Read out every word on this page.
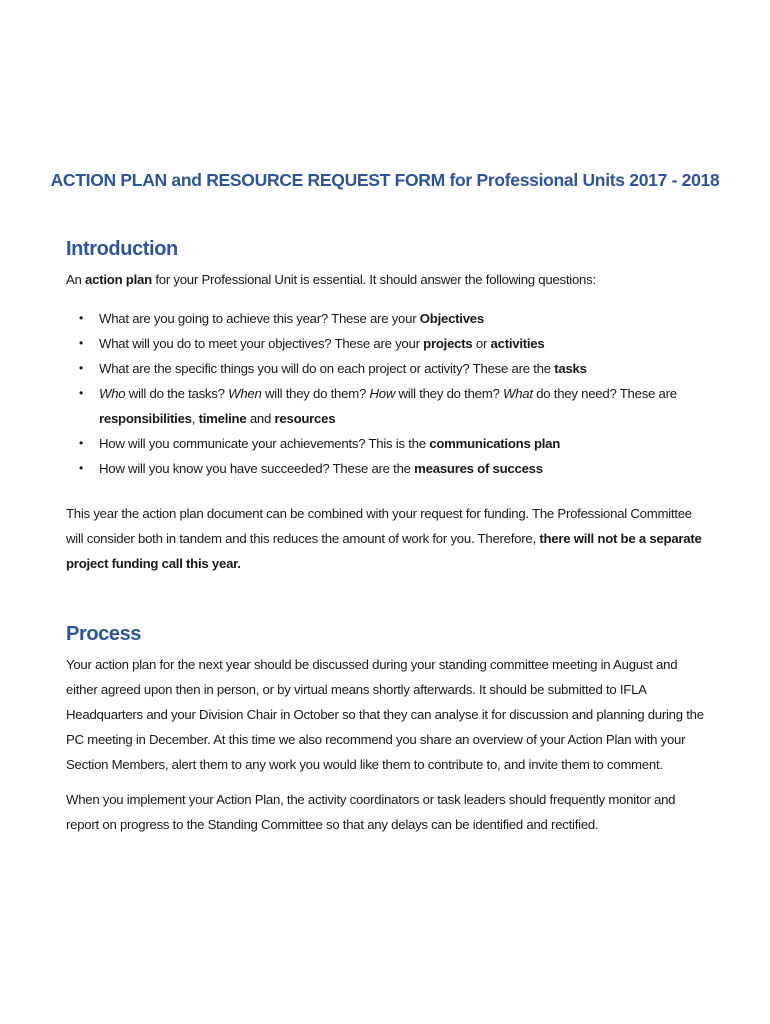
ACTION PLAN and RESOURCE REQUEST FORM for Professional Units 2017 - 2018
Introduction

An action plan for your Professional Unit is essential. It should answer the following questions:

• What are you going to achieve this year? These are your Objectives
• What will you do to meet your objectives? These are your projects or activities
• What are the specific things you will do on each project or activity? These are the tasks
• Who will do the tasks? When will they do them? How will they do them? What do they need? These are
responsibilities, timeline and resources
• How will you communicate your achievements? This is the communications plan
• How will you know you have succeeded? These are the measures of success

This year the action plan document can be combined with your request for funding. The Professional Committee will consider both in tandem and this reduces the amount of work for you. Therefore, there will not be a separate project funding call this year.

Process

Your action plan for the next year should be discussed during your standing committee meeting in August and either agreed upon then in person, or by virtual means shortly afterwards. It should be submitted to IFLA Headquarters and your Division Chair in October so that they can analyse it for discussion and planning during the PC meeting in December. At this time we also recommend you share an overview of your Action Plan with your Section Members, alert them to any work you would like them to contribute to, and invite them to comment.

When you implement your Action Plan, the activity coordinators or task leaders should frequently monitor and report on progress to the Standing Committee so that any delays can be identified and rectified.
